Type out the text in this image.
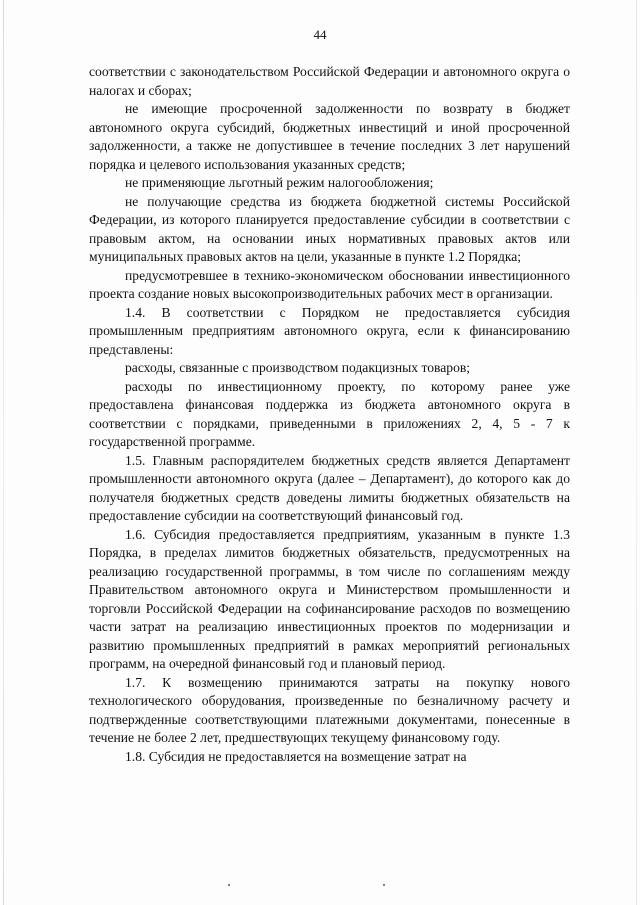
44

соответствии с законодательством Российской Федерации и автономного округа о налогах и сборах;

не имеющие просроченной задолженности по возврату в бюджет автономного округа субсидий, бюджетных инвестиций и иной просроченной задолженности, а также не допустившее в течение последних 3 лет нарушений порядка и целевого использования указанных средств;

не применяющие льготный режим налогообложения;

не получающие средства из бюджета бюджетной системы Российской Федерации, из которого планируется предоставление субсидии в соответствии с правовым актом, на основании иных нормативных правовых актов или муниципальных правовых актов на цели, указанные в пункте 1.2 Порядка;

предусмотревшее в технико-экономическом обосновании инвестиционного проекта создание новых высокопроизводительных рабочих мест в организации.

1.4. В соответствии с Порядком не предоставляется субсидия промышленным предприятиям автономного округа, если к финансированию представлены:

расходы, связанные с производством подакцизных товаров;

расходы по инвестиционному проекту, по которому ранее уже предоставлена финансовая поддержка из бюджета автономного округа в соответствии с порядками, приведенными в приложениях 2, 4, 5 - 7 к государственной программе.

1.5. Главным распорядителем бюджетных средств является Департамент промышленности автономного округа (далее – Департамент), до которого как до получателя бюджетных средств доведены лимиты бюджетных обязательств на предоставление субсидии на соответствующий финансовый год.

1.6. Субсидия предоставляется предприятиям, указанным в пункте 1.3 Порядка, в пределах лимитов бюджетных обязательств, предусмотренных на реализацию государственной программы, в том числе по соглашениям между Правительством автономного округа и Министерством промышленности и торговли Российской Федерации на софинансирование расходов по возмещению части затрат на реализацию инвестиционных проектов по модернизации и развитию промышленных предприятий в рамках мероприятий региональных программ, на очередной финансовый год и плановый период.

1.7. К возмещению принимаются затраты на покупку нового технологического оборудования, произведенные по безналичному расчету и подтвержденные соответствующими платежными документами, понесенные в течение не более 2 лет, предшествующих текущему финансовому году.

1.8. Субсидия не предоставляется на возмещение затрат на
